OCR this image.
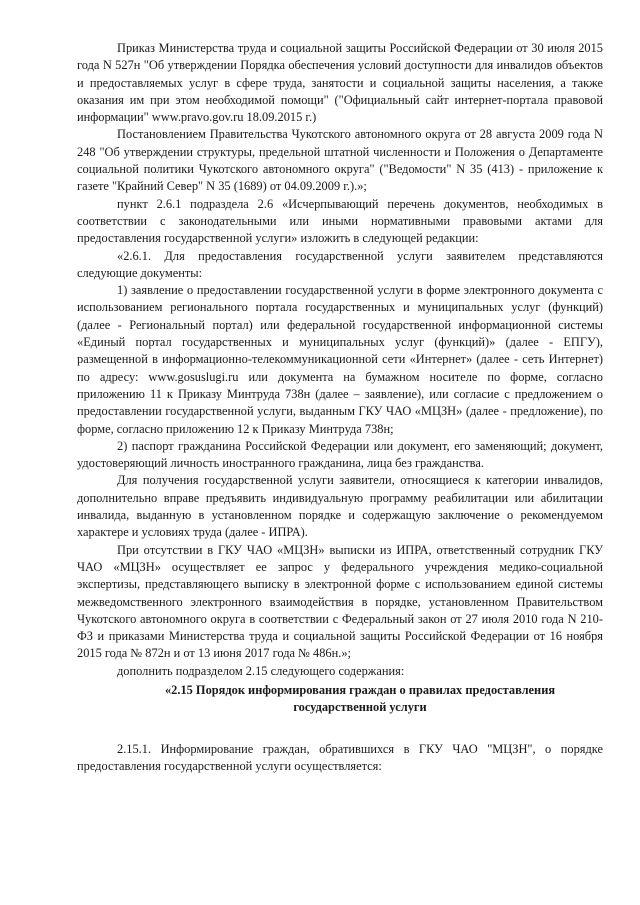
Приказ Министерства труда и социальной защиты Российской Федерации от 30 июля 2015 года N 527н "Об утверждении Порядка обеспечения условий доступности для инвалидов объектов и предоставляемых услуг в сфере труда, занятости и социальной защиты населения, а также оказания им при этом необходимой помощи" ("Официальный сайт интернет-портала правовой информации" www.pravo.gov.ru 18.09.2015 г.)

Постановлением Правительства Чукотского автономного округа от 28 августа 2009 года N 248 "Об утверждении структуры, предельной штатной численности и Положения о Департаменте социальной политики Чукотского автономного округа" ("Ведомости" N 35 (413) - приложение к газете "Крайний Север" N 35 (1689) от 04.09.2009 г.).»;

пункт 2.6.1 подраздела 2.6 «Исчерпывающий перечень документов, необходимых в соответствии с законодательными или иными нормативными правовыми актами для предоставления государственной услуги» изложить в следующей редакции:

«2.6.1. Для предоставления государственной услуги заявителем представляются следующие документы:

1) заявление о предоставлении государственной услуги в форме электронного документа с использованием регионального портала государственных и муниципальных услуг (функций) (далее - Региональный портал) или федеральной государственной информационной системы «Единый портал государственных и муниципальных услуг (функций)» (далее - ЕПГУ), размещенной в информационно-телекоммуникационной сети «Интернет» (далее - сеть Интернет) по адресу: www.gosuslugi.ru или документа на бумажном носителе по форме, согласно приложению 11 к Приказу Минтруда 738н (далее – заявление), или согласие с предложением о предоставлении государственной услуги, выданным ГКУ ЧАО «МЦЗН» (далее - предложение), по форме, согласно приложению 12 к Приказу Минтруда 738н;

2) паспорт гражданина Российской Федерации или документ, его заменяющий; документ, удостоверяющий личность иностранного гражданина, лица без гражданства.

Для получения государственной услуги заявители, относящиеся к категории инвалидов, дополнительно вправе предъявить индивидуальную программу реабилитации или абилитации инвалида, выданную в установленном порядке и содержащую заключение о рекомендуемом характере и условиях труда (далее - ИПРА).

При отсутствии в ГКУ ЧАО «МЦЗН» выписки из ИПРА, ответственный сотрудник ГКУ ЧАО «МЦЗН» осуществляет ее запрос у федерального учреждения медико-социальной экспертизы, представляющего выписку в электронной форме с использованием единой системы межведомственного электронного взаимодействия в порядке, установленном Правительством Чукотского автономного округа в соответствии с Федеральный закон от 27 июля 2010 года N 210-ФЗ и приказами Министерства труда и социальной защиты Российской Федерации от 16 ноября 2015 года № 872н и от 13 июня 2017 года № 486н.»;

дополнить подразделом 2.15 следующего содержания:

«2.15 Порядок информирования граждан о правилах предоставления государственной услуги

2.15.1. Информирование граждан, обратившихся в ГКУ ЧАО "МЦЗН", о порядке предоставления государственной услуги осуществляется:
